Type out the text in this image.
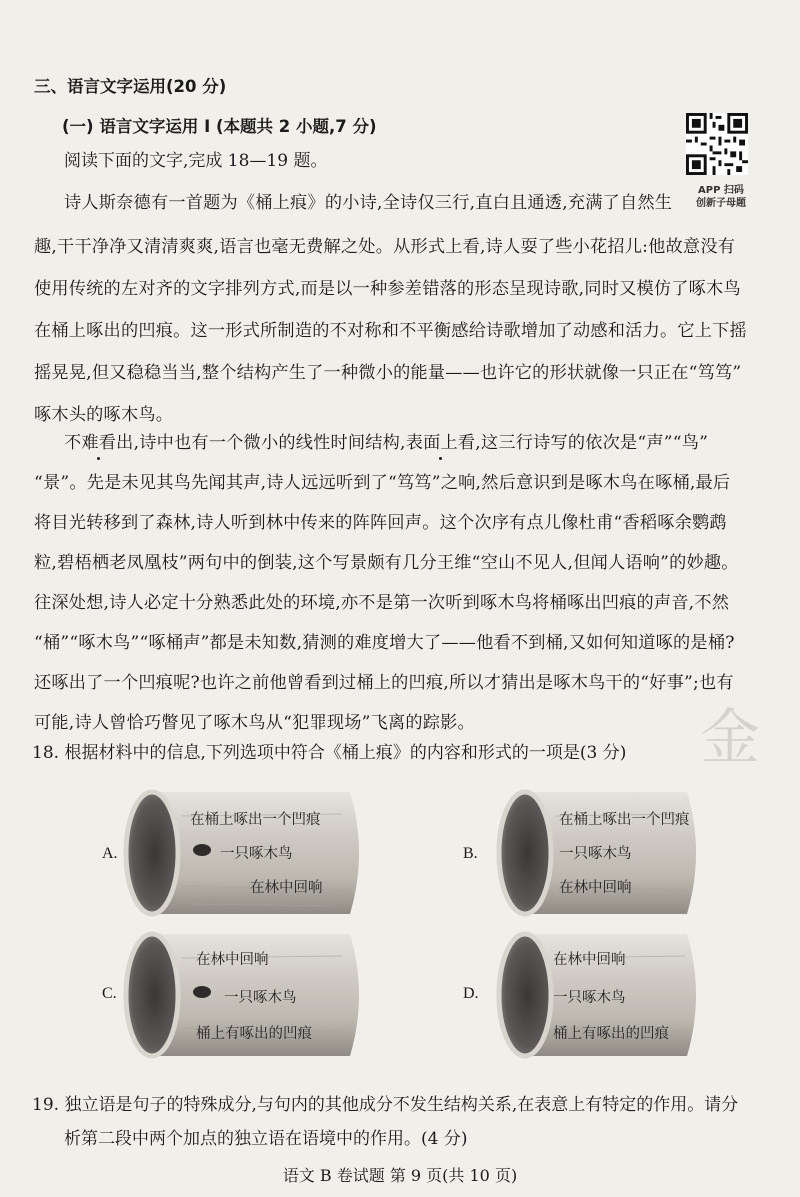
三、语言文字运用(20 分)
(一) 语言文字运用 Ⅰ (本题共 2 小题,7 分)
阅读下面的文字,完成 18—19 题。
APP 扫码
创新子母题
诗人斯奈德有一首题为《桶上痕》的小诗,全诗仅三行,直白且通透,充满了自然生
趣,干干净净又清清爽爽,语言也毫无费解之处。从形式上看,诗人耍了些小花招儿:他故意没有
使用传统的左对齐的文字排列方式,而是以一种参差错落的形态呈现诗歌,同时又模仿了啄木鸟
在桶上啄出的凹痕。这一形式所制造的不对称和不平衡感给诗歌增加了动感和活力。它上下摇
摇晃晃,但又稳稳当当,整个结构产生了一种微小的能量——也许它的形状就像一只正在“笃笃”
啄木头的啄木鸟。
不难看出,诗中也有一个微小的线性时间结构,表面上看,这三行诗写的依次是“声”“鸟”
“景”。先是未见其鸟先闻其声,诗人远远听到了“笃笃”之响,然后意识到是啄木鸟在啄桶,最后
将目光转移到了森林,诗人听到林中传来的阵阵回声。这个次序有点儿像杜甫“香稻啄余鹦鹉
粒,碧梧栖老凤凰枝”两句中的倒装,这个写景颇有几分王维“空山不见人,但闻人语响”的妙趣。
往深处想,诗人必定十分熟悉此处的环境,亦不是第一次听到啄木鸟将桶啄出凹痕的声音,不然
“桶”“啄木鸟”“啄桶声”都是未知数,猜测的难度增大了——他看不到桶,又如何知道啄的是桶?
还啄出了一个凹痕呢?也许之前他曾看到过桶上的凹痕,所以才猜出是啄木鸟干的“好事”;也有
可能,诗人曾恰巧瞥见了啄木鸟从“犯罪现场”飞离的踪影。	金
18. 根据材料中的信息,下列选项中符合《桶上痕》的内容和形式的一项是(3 分)
A.
在桶上啄出一个凹痕
一只啄木鸟
在林中回响
B.
在桶上啄出一个凹痕
一只啄木鸟
在林中回响
C.
在林中回响
一只啄木鸟
桶上有啄出的凹痕
D.
在林中回响
一只啄木鸟
桶上有啄出的凹痕
19. 独立语是句子的特殊成分,与句内的其他成分不发生结构关系,在表意上有特定的作用。请分
析第二段中两个加点的独立语在语境中的作用。(4 分)
语文 B 卷试题 第 9 页(共 10 页)
